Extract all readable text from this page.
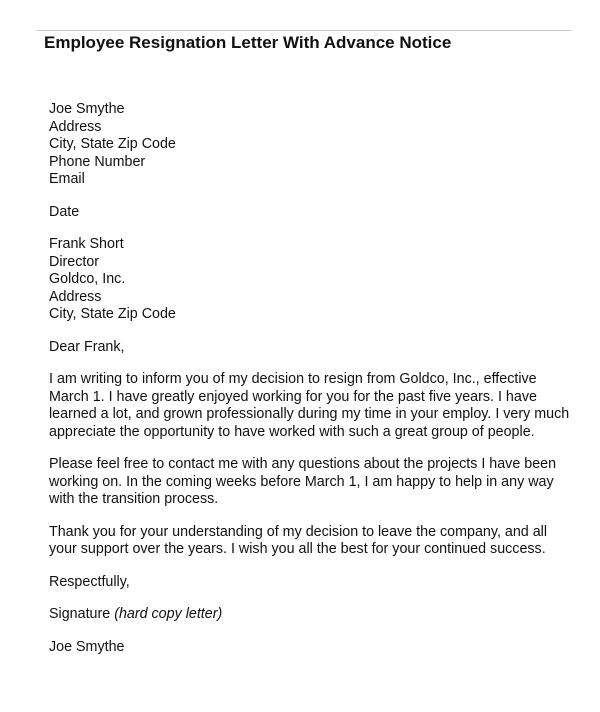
Employee Resignation Letter With Advance Notice
Joe Smythe
Address
City, State Zip Code
Phone Number
Email
Date
Frank Short
Director
Goldco, Inc.
Address
City, State Zip Code
Dear Frank,
I am writing to inform you of my decision to resign from Goldco, Inc., effective
March 1. I have greatly enjoyed working for you for the past five years. I have
learned a lot, and grown professionally during my time in your employ. I very much
appreciate the opportunity to have worked with such a great group of people.
Please feel free to contact me with any questions about the projects I have been
working on. In the coming weeks before March 1, I am happy to help in any way
with the transition process.
Thank you for your understanding of my decision to leave the company, and all
your support over the years. I wish you all the best for your continued success.
Respectfully,
Signature (hard copy letter)
Joe Smythe
